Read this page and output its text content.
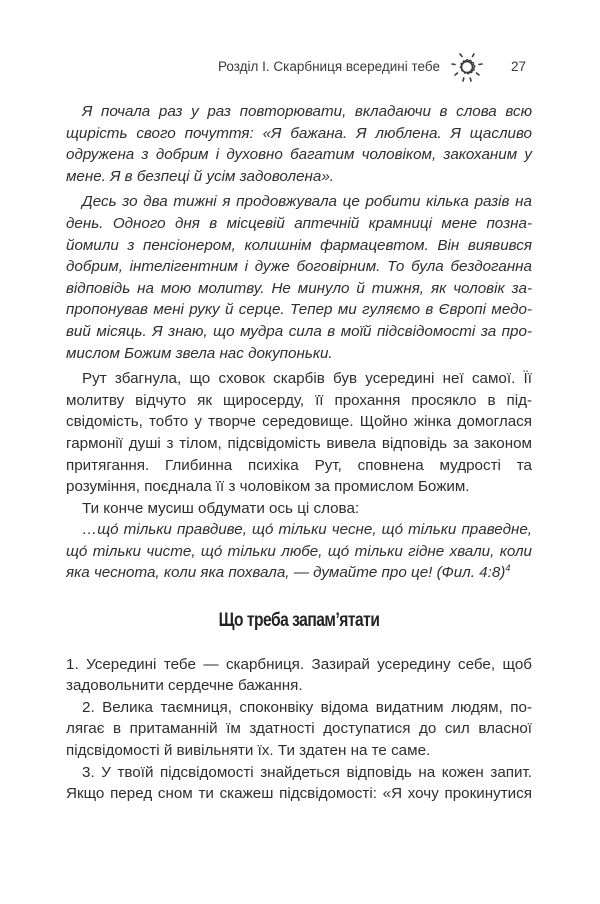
Розділ I. Скарбниця всередині тебе	27

Я почала раз у раз повторювати, вкладаючи в слова всю щирість свого почуття: «Я бажана. Я люблена. Я щасливо одружена з добрим і духовно багатим чоловіком, закоханим у мене. Я в безпеці й усім задоволена».

Десь зо два тижні я продовжувала це робити кілька разів на день. Одного дня в місцевій аптечній крамниці мене познайомили з пенсіонером, колишнім фармацевтом. Він виявився добрим, інтелігентним і дуже боговірним. То була бездоганна відповідь на мою молитву. Не минуло й тижня, як чоловік запропонував мені руку й серце. Тепер ми гуляємо в Європі медовий місяць. Я знаю, що мудра сила в моїй підсвідомості за промислом Божим звела нас докупоньки.

Рут збагнула, що сховок скарбів був усередині неї самої. Її молитву відчуто як щиросерду, її прохання просякло в підсвідомість, тобто у творче середовище. Щойно жінка домоглася гармонії душі з тілом, підсвідомість вивела відповідь за законом притягання. Глибинна психіка Рут, сповнена мудрості та розуміння, поєднала її з чоловіком за промислом Божим.

Ти конче мусиш обдумати ось ці слова:

…що́ тільки правдиве, що́ тільки чесне, що́ тільки праведне, що́ тільки чисте, що́ тільки любе, що́ тільки гідне хвали, коли яка чеснота, коли яка похвала, — думайте про це! (Фил. 4:8)$^4$

Що треба запам’ятати

1. Усередині тебе — скарбниця. Зазирай усередину себе, щоб задовольнити сердечне бажання.

2. Велика таємниця, споконвіку відома видатним людям, полягає в притаманній їм здатності доступатися до сил власної підсвідомості й вивільняти їх. Ти здатен на те саме.

3. У твоїй підсвідомості знайдеться відповідь на кожен запит. Якщо перед сном ти скажеш підсвідомості: «Я хочу прокинутися
